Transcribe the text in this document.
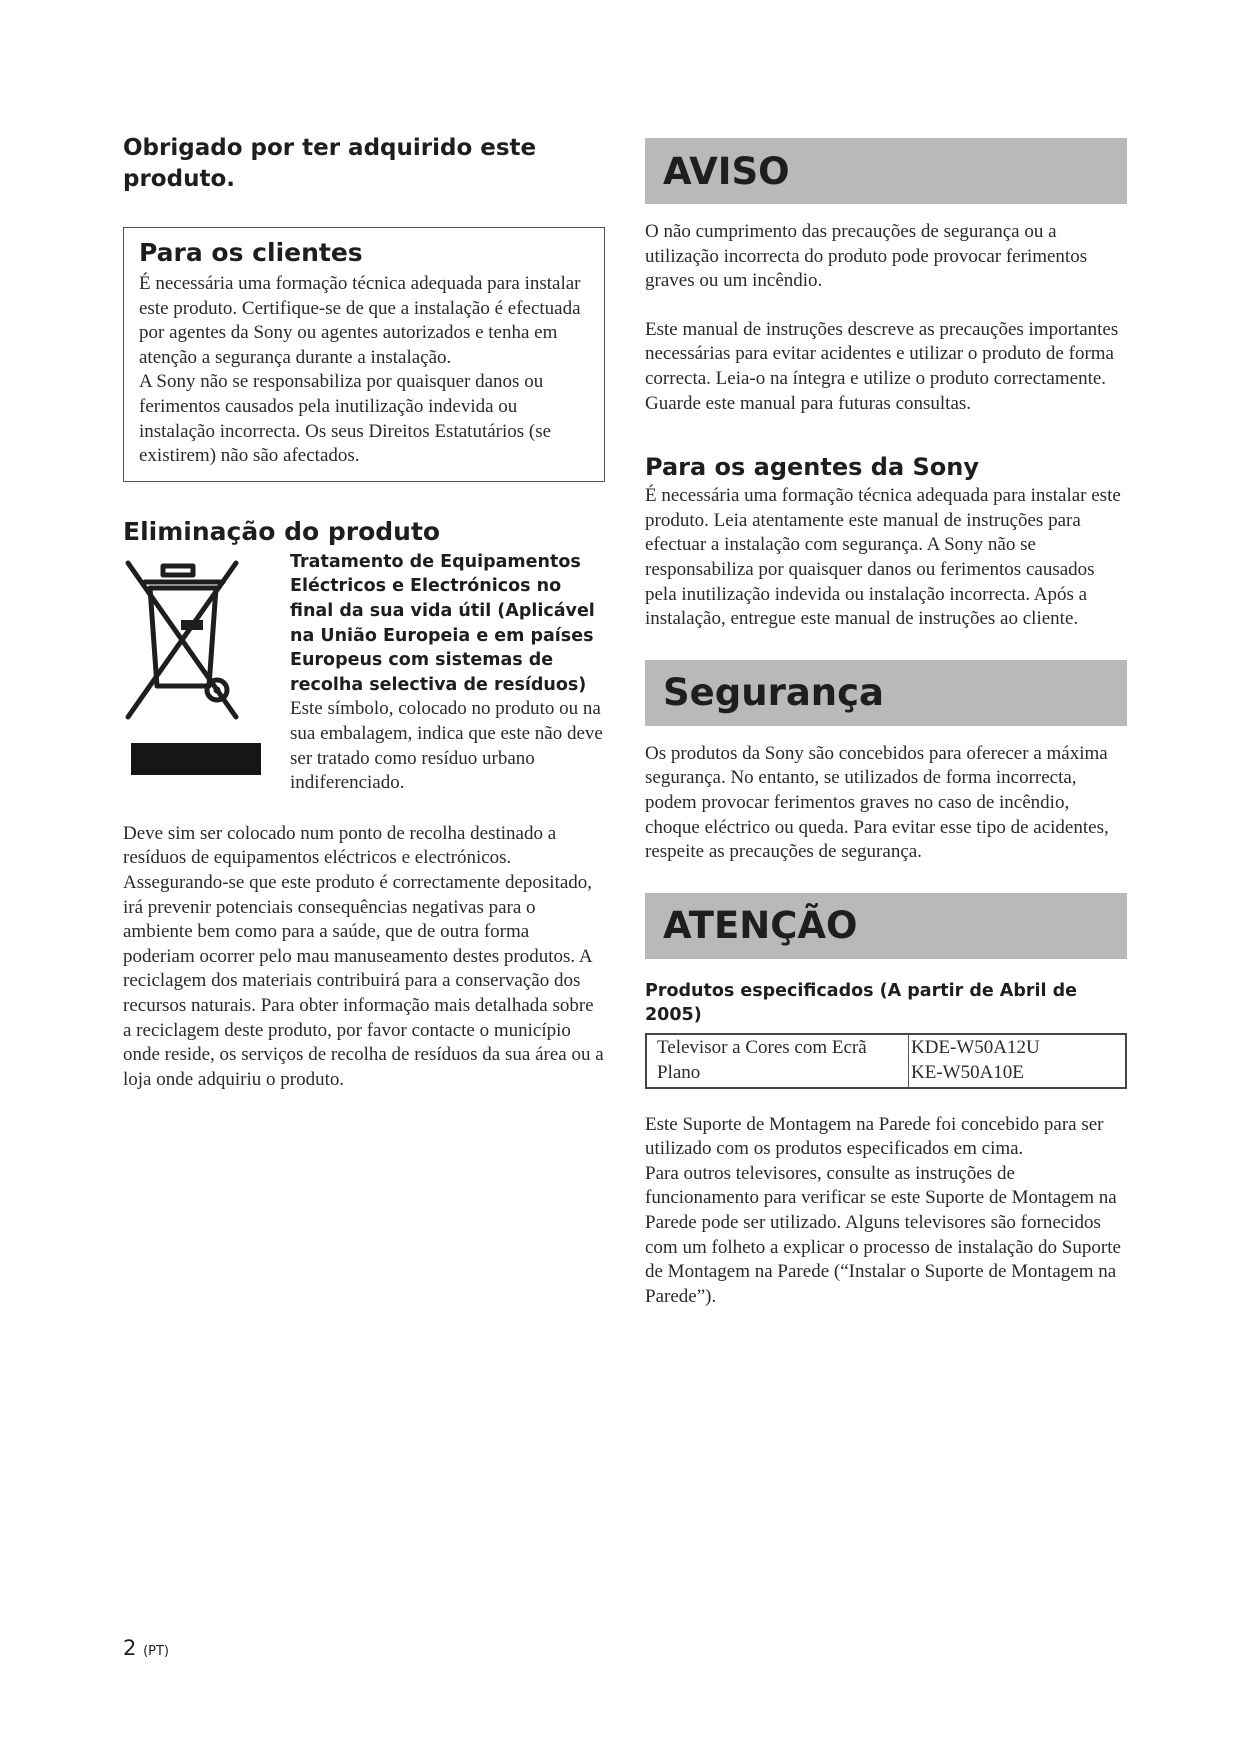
Obrigado por ter adquirido este produto.

Para os clientes

É necessária uma formação técnica adequada para instalar este produto. Certifique-se de que a instalação é efectuada por agentes da Sony ou agentes autorizados e tenha em atenção a segurança durante a instalação.

A Sony não se responsabiliza por quaisquer danos ou ferimentos causados pela inutilização indevida ou instalação incorrecta. Os seus Direitos Estatutários (se existirem) não são afectados.

Eliminação do produto

Tratamento de Equipamentos Eléctricos e Electrónicos no final da sua vida útil (Aplicável na União Europeia e em países Europeus com sistemas de recolha selectiva de resíduos)

Este símbolo, colocado no produto ou na sua embalagem, indica que este não deve ser tratado como resíduo urbano indiferenciado.

Deve sim ser colocado num ponto de recolha destinado a resíduos de equipamentos eléctricos e electrónicos. Assegurando-se que este produto é correctamente depositado, irá prevenir potenciais consequências negativas para o ambiente bem como para a saúde, que de outra forma poderiam ocorrer pelo mau manuseamento destes produtos. A reciclagem dos materiais contribuirá para a conservação dos recursos naturais. Para obter informação mais detalhada sobre a reciclagem deste produto, por favor contacte o município onde reside, os serviços de recolha de resíduos da sua área ou a loja onde adquiriu o produto.

AVISO

O não cumprimento das precauções de segurança ou a utilização incorrecta do produto pode provocar ferimentos graves ou um incêndio.

Este manual de instruções descreve as precauções importantes necessárias para evitar acidentes e utilizar o produto de forma correcta. Leia-o na íntegra e utilize o produto correctamente. Guarde este manual para futuras consultas.

Para os agentes da Sony

É necessária uma formação técnica adequada para instalar este produto. Leia atentamente este manual de instruções para efectuar a instalação com segurança. A Sony não se responsabiliza por quaisquer danos ou ferimentos causados pela inutilização indevida ou instalação incorrecta. Após a instalação, entregue este manual de instruções ao cliente.

Segurança

Os produtos da Sony são concebidos para oferecer a máxima segurança. No entanto, se utilizados de forma incorrecta, podem provocar ferimentos graves no caso de incêndio, choque eléctrico ou queda. Para evitar esse tipo de acidentes, respeite as precauções de segurança.

ATENÇÃO

Produtos especificados (A partir de Abril de 2005)

Televisor a Cores com Ecrã

Plano

KDE-W50A12U

KE-W50A10E

Este Suporte de Montagem na Parede foi concebido para ser utilizado com os produtos especificados em cima.

Para outros televisores, consulte as instruções de funcionamento para verificar se este Suporte de Montagem na Parede pode ser utilizado. Alguns televisores são fornecidos com um folheto a explicar o processo de instalação do Suporte de Montagem na Parede (“Instalar o Suporte de Montagem na Parede”).

2 (PT)
